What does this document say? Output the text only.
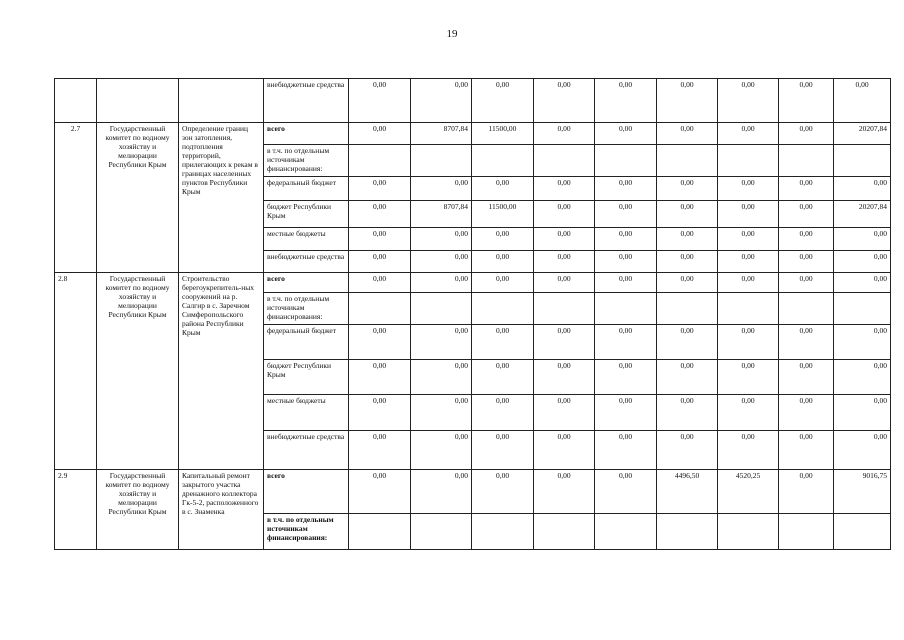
19
			внебюджетные средства	0,00	0,00	0,00	0,00	0,00	0,00	0,00	0,00	0,00
2.7	Государственный комитет по водному хозяйству и мелиорации Республики Крым	Определение границ зон затопления, подтопления территорий, прилегающих к рекам в границах населенных пунктов Республики Крым	всего	0,00	8707,84	11500,00	0,00	0,00	0,00	0,00	0,00	20207,84
			в т.ч. по отдельным источникам финансирования:									
			федеральный бюджет	0,00	0,00	0,00	0,00	0,00	0,00	0,00	0,00	0,00
			бюджет Республики Крым	0,00	8707,84	11500,00	0,00	0,00	0,00	0,00	0,00	20207,84
			местные бюджеты	0,00	0,00	0,00	0,00	0,00	0,00	0,00	0,00	0,00
			внебюджетные средства	0,00	0,00	0,00	0,00	0,00	0,00	0,00	0,00	0,00
2.8	Государственный комитет по водному хозяйству и мелиорации Республики Крым	Строительство берегоукрепитель-ных сооружений на р. Салгир в с. Заречном Симферопольского района Республики Крым	всего	0,00	0,00	0,00	0,00	0,00	0,00	0,00	0,00	0,00
			в т.ч. по отдельным источникам финансирования:									
			федеральный бюджет	0,00	0,00	0,00	0,00	0,00	0,00	0,00	0,00	0,00
			бюджет Республики Крым	0,00	0,00	0,00	0,00	0,00	0,00	0,00	0,00	0,00
			местные бюджеты	0,00	0,00	0,00	0,00	0,00	0,00	0,00	0,00	0,00
			внебюджетные средства	0,00	0,00	0,00	0,00	0,00	0,00	0,00	0,00	0,00
2.9	Государственный комитет по водному хозяйству и мелиорации Республики Крым	Капитальный ремонт закрытого участка дренажного коллектора Гк-5-2, расположенного в с. Знаменка	всего	0,00	0,00	0,00	0,00	0,00	4496,50	4520,25	0,00	9016,75
			в т.ч. по отдельным источникам финансирования:									
